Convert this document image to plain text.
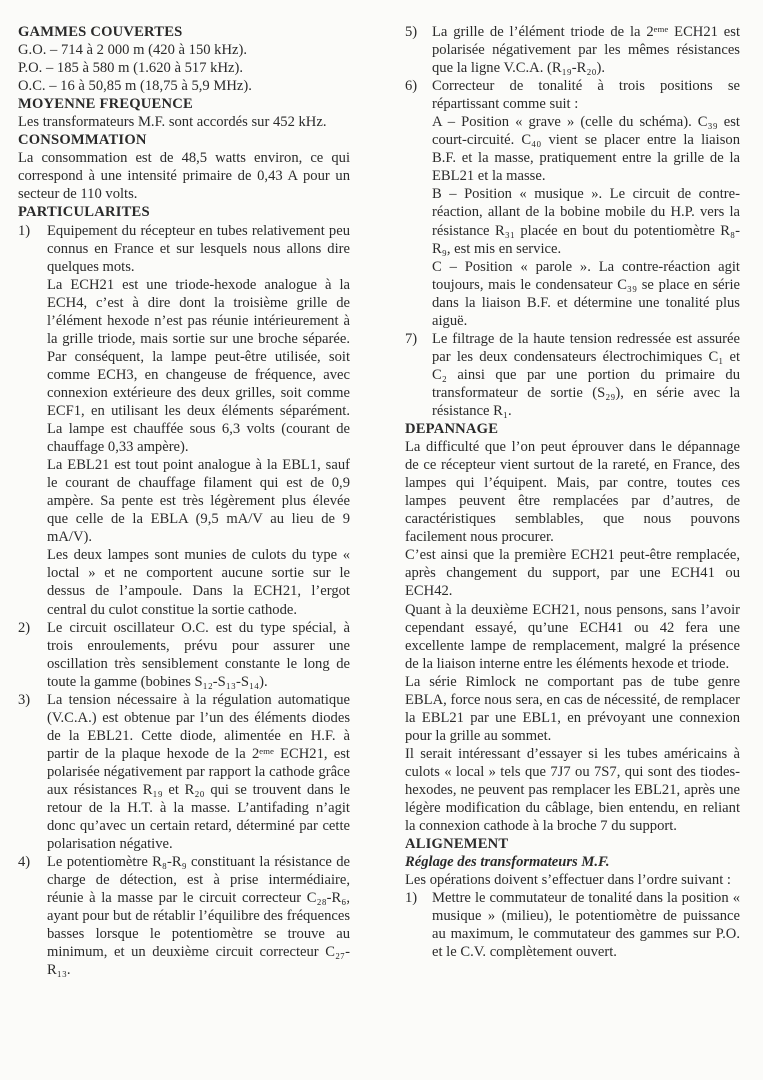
GAMMES COUVERTES
G.O. – 714 à 2 000 m (420 à 150 kHz).
P.O. – 185 à 580 m (1.620 à 517 kHz).
O.C. – 16 à 50,85 m (18,75 à 5,9 MHz).
MOYENNE FREQUENCE
Les transformateurs M.F. sont accordés sur 452 kHz.
CONSOMMATION
La consommation est de 48,5 watts environ, ce qui correspond à une intensité primaire de 0,43 A pour un secteur de 110 volts.
PARTICULARITES
1)	Equipement du récepteur en tubes relativement peu connus en France et sur lesquels nous allons dire quelques mots.
La ECH21 est une triode-hexode analogue à la ECH4, c’est à dire dont la troisième grille de l’élément hexode n’est pas réunie intérieurement à la grille triode, mais sortie sur une broche séparée. Par conséquent, la lampe peut-être utilisée, soit comme ECH3, en changeuse de fréquence, avec connexion extérieure des deux grilles, soit comme ECF1, en utilisant les deux éléments séparément. La lampe est chauffée sous 6,3 volts (courant de chauffage 0,33 ampère).
La EBL21 est tout point analogue à la EBL1, sauf le courant de chauffage filament qui est de 0,9 ampère. Sa pente est très légèrement plus élevée que celle de la EBLA (9,5 mA/V au lieu de 9 mA/V).
Les deux lampes sont munies de culots du type « loctal » et ne comportent aucune sortie sur le dessus de l’ampoule. Dans la ECH21, l’ergot central du culot constitue la sortie cathode.
2)	Le circuit oscillateur O.C. est du type spécial, à trois enroulements, prévu pour assurer une oscillation très sensiblement constante le long de toute la gamme (bobines S₁₂-S₁₃-S₁₄).
3)	La tension nécessaire à la régulation automatique (V.C.A.) est obtenue par l’un des éléments diodes de la EBL21. Cette diode, alimentée en H.F. à partir de la plaque hexode de la 2ᵉᵐᵉ ECH21, est polarisée négativement par rapport la cathode grâce aux résistances R₁₉ et R₂₀ qui se trouvent dans le retour de la H.T. à la masse. L’antifading n’agit donc qu’avec un certain retard, déterminé par cette polarisation négative.
4)	Le potentiomètre R₈-R₉ constituant la résistance de charge de détection, est à prise intermédiaire, réunie à la masse par le circuit correcteur C₂₈-R₆, ayant pour but de rétablir l’équilibre des fréquences basses lorsque le potentiomètre se trouve au minimum, et un deuxième circuit correcteur C₂₇-R₁₃.
5)	La grille de l’élément triode de la 2ᵉᵐᵉ ECH21 est polarisée négativement par les mêmes résistances que la ligne V.C.A. (R₁₉-R₂₀).
6)	Correcteur de tonalité à trois positions se répartissant comme suit :
A – Position « grave » (celle du schéma). C₃₉ est court-circuité. C₄₀ vient se placer entre la liaison B.F. et la masse, pratiquement entre la grille de la EBL21 et la masse.
B – Position « musique ». Le circuit de contre-réaction, allant de la bobine mobile du H.P. vers la résistance R₃₁ placée en bout du potentiomètre R₈-R₉, est mis en service.
C – Position « parole ». La contre-réaction agit toujours, mais le condensateur C₃₉ se place en série dans la liaison B.F. et détermine une tonalité plus aiguë.
7)	Le filtrage de la haute tension redressée est assurée par les deux condensateurs électrochimiques C₁ et C₂ ainsi que par une portion du primaire du transformateur de sortie (S₂₉), en série avec la résistance R₁.
DEPANNAGE
La difficulté que l’on peut éprouver dans le dépannage de ce récepteur vient surtout de la rareté, en France, des lampes qui l’équipent. Mais, par contre, toutes ces lampes peuvent être remplacées par d’autres, de caractéristiques semblables, que nous pouvons facilement nous procurer.
C’est ainsi que la première ECH21 peut-être remplacée, après changement du support, par une ECH41 ou ECH42.
Quant à la deuxième ECH21, nous pensons, sans l’avoir cependant essayé, qu’une ECH41 ou 42 fera une excellente lampe de remplacement, malgré la présence de la liaison interne entre les éléments hexode et triode.
La série Rimlock ne comportant pas de tube genre EBLA, force nous sera, en cas de nécessité, de remplacer la EBL21 par une EBL1, en prévoyant une connexion pour la grille au sommet.
Il serait intéressant d’essayer si les tubes américains à culots « local » tels que 7J7 ou 7S7, qui sont des tiodes-hexodes, ne peuvent pas remplacer les EBL21, après une légère modification du câblage, bien entendu, en reliant la connexion cathode à la broche 7 du support.
ALIGNEMENT
Réglage des transformateurs M.F.
Les opérations doivent s’effectuer dans l’ordre suivant :
1)	Mettre le commutateur de tonalité dans la position « musique » (milieu), le potentiomètre de puissance au maximum, le commutateur des gammes sur P.O. et le C.V. complètement ouvert.
